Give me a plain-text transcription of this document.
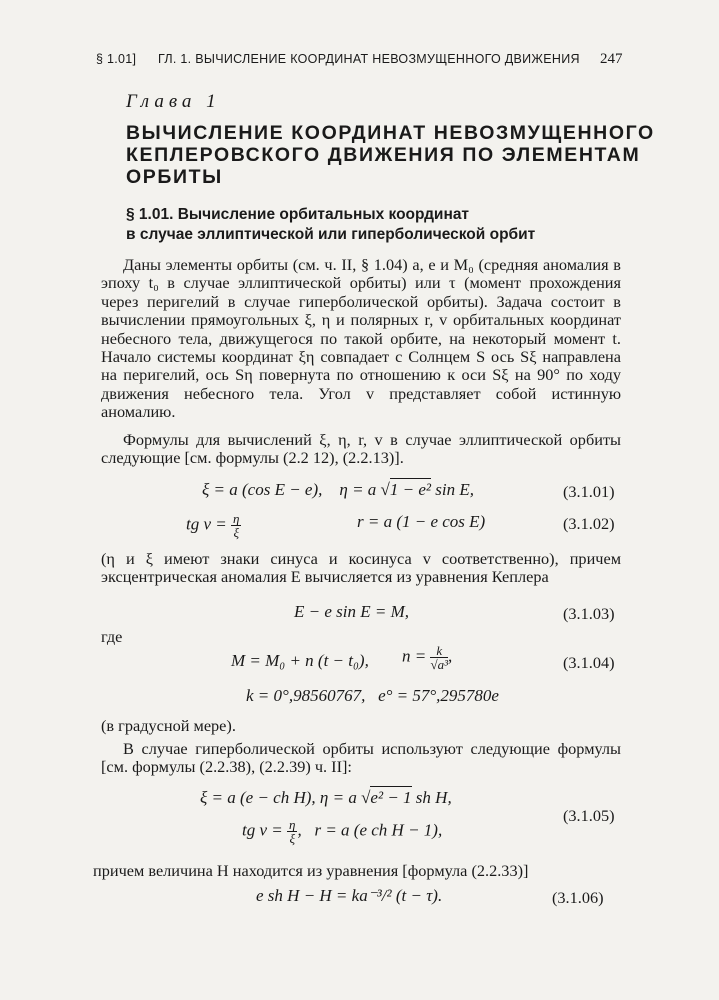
§ 1.01] ГЛ. 1. ВЫЧИСЛЕНИЕ КООРДИНАТ НЕВОЗМУЩЕННОГО ДВИЖЕНИЯ 247
Глава 1
ВЫЧИСЛЕНИЕ КООРДИНАТ НЕВОЗМУЩЕННОГО
КЕПЛЕРОВСКОГО ДВИЖЕНИЯ ПО ЭЛЕМЕНТАМ
ОРБИТЫ
§ 1.01. Вычисление орбитальных координат
в случае эллиптической или гиперболической орбит
Даны элементы орбиты (см. ч. II, § 1.04) a, e и M₀ (средняя аномалия в эпоху t₀ в случае эллиптической орбиты) или τ (момент прохождения через перигелий в случае гиперболической орбиты). Задача состоит в вычислении прямоугольных ξ, η и полярных r, v орбитальных координат небесного тела, движущегося по такой орбите, на некоторый момент t. Начало системы координат ξη совпадает с Солнцем S ось Sξ направлена на перигелий, ось Sη повернута по отношению к оси Sξ на 90° по ходу движения небесного тела. Угол v представляет собой истинную аномалию.
Формулы для вычислений ξ, η, r, v в случае эллиптической орбиты следующие [см. формулы (2.2 12), (2.2.13)].
ξ = a (cos E − e), η = a √1 − e² sin E,	(3.1.01)
tg $v = \frac{\eta}{\xi}$	r = a (1 − e cos E)	(3.1.02)
(η и ξ имеют знаки синуса и косинуса v соответственно), причем эксцентрическая аномалия E вычисляется из уравнения Кеплера
E − e sin E = M,	(3.1.03)
где
M = M₀ + n (t − t₀), $n = \frac{k}{\text{√a³}}$ ,	(3.1.04)
k = 0°,98560767,   e° = 57°,295780e
(в градусной мере).
В случае гиперболической орбиты используют следующие формулы [см. формулы (2.2.38), (2.2.39) ч. II]:
ξ = a (e − ch H), η = a √e² − 1 sh H,
tg $v = \frac{\eta}{\xi}$ ,   r = a (e ch H − 1),
(3.1.05)
причем величина H находится из уравнения [формула (2.2.33)]
e sh H − H = ka⁻³/² (t − τ).	(3.1.06)
